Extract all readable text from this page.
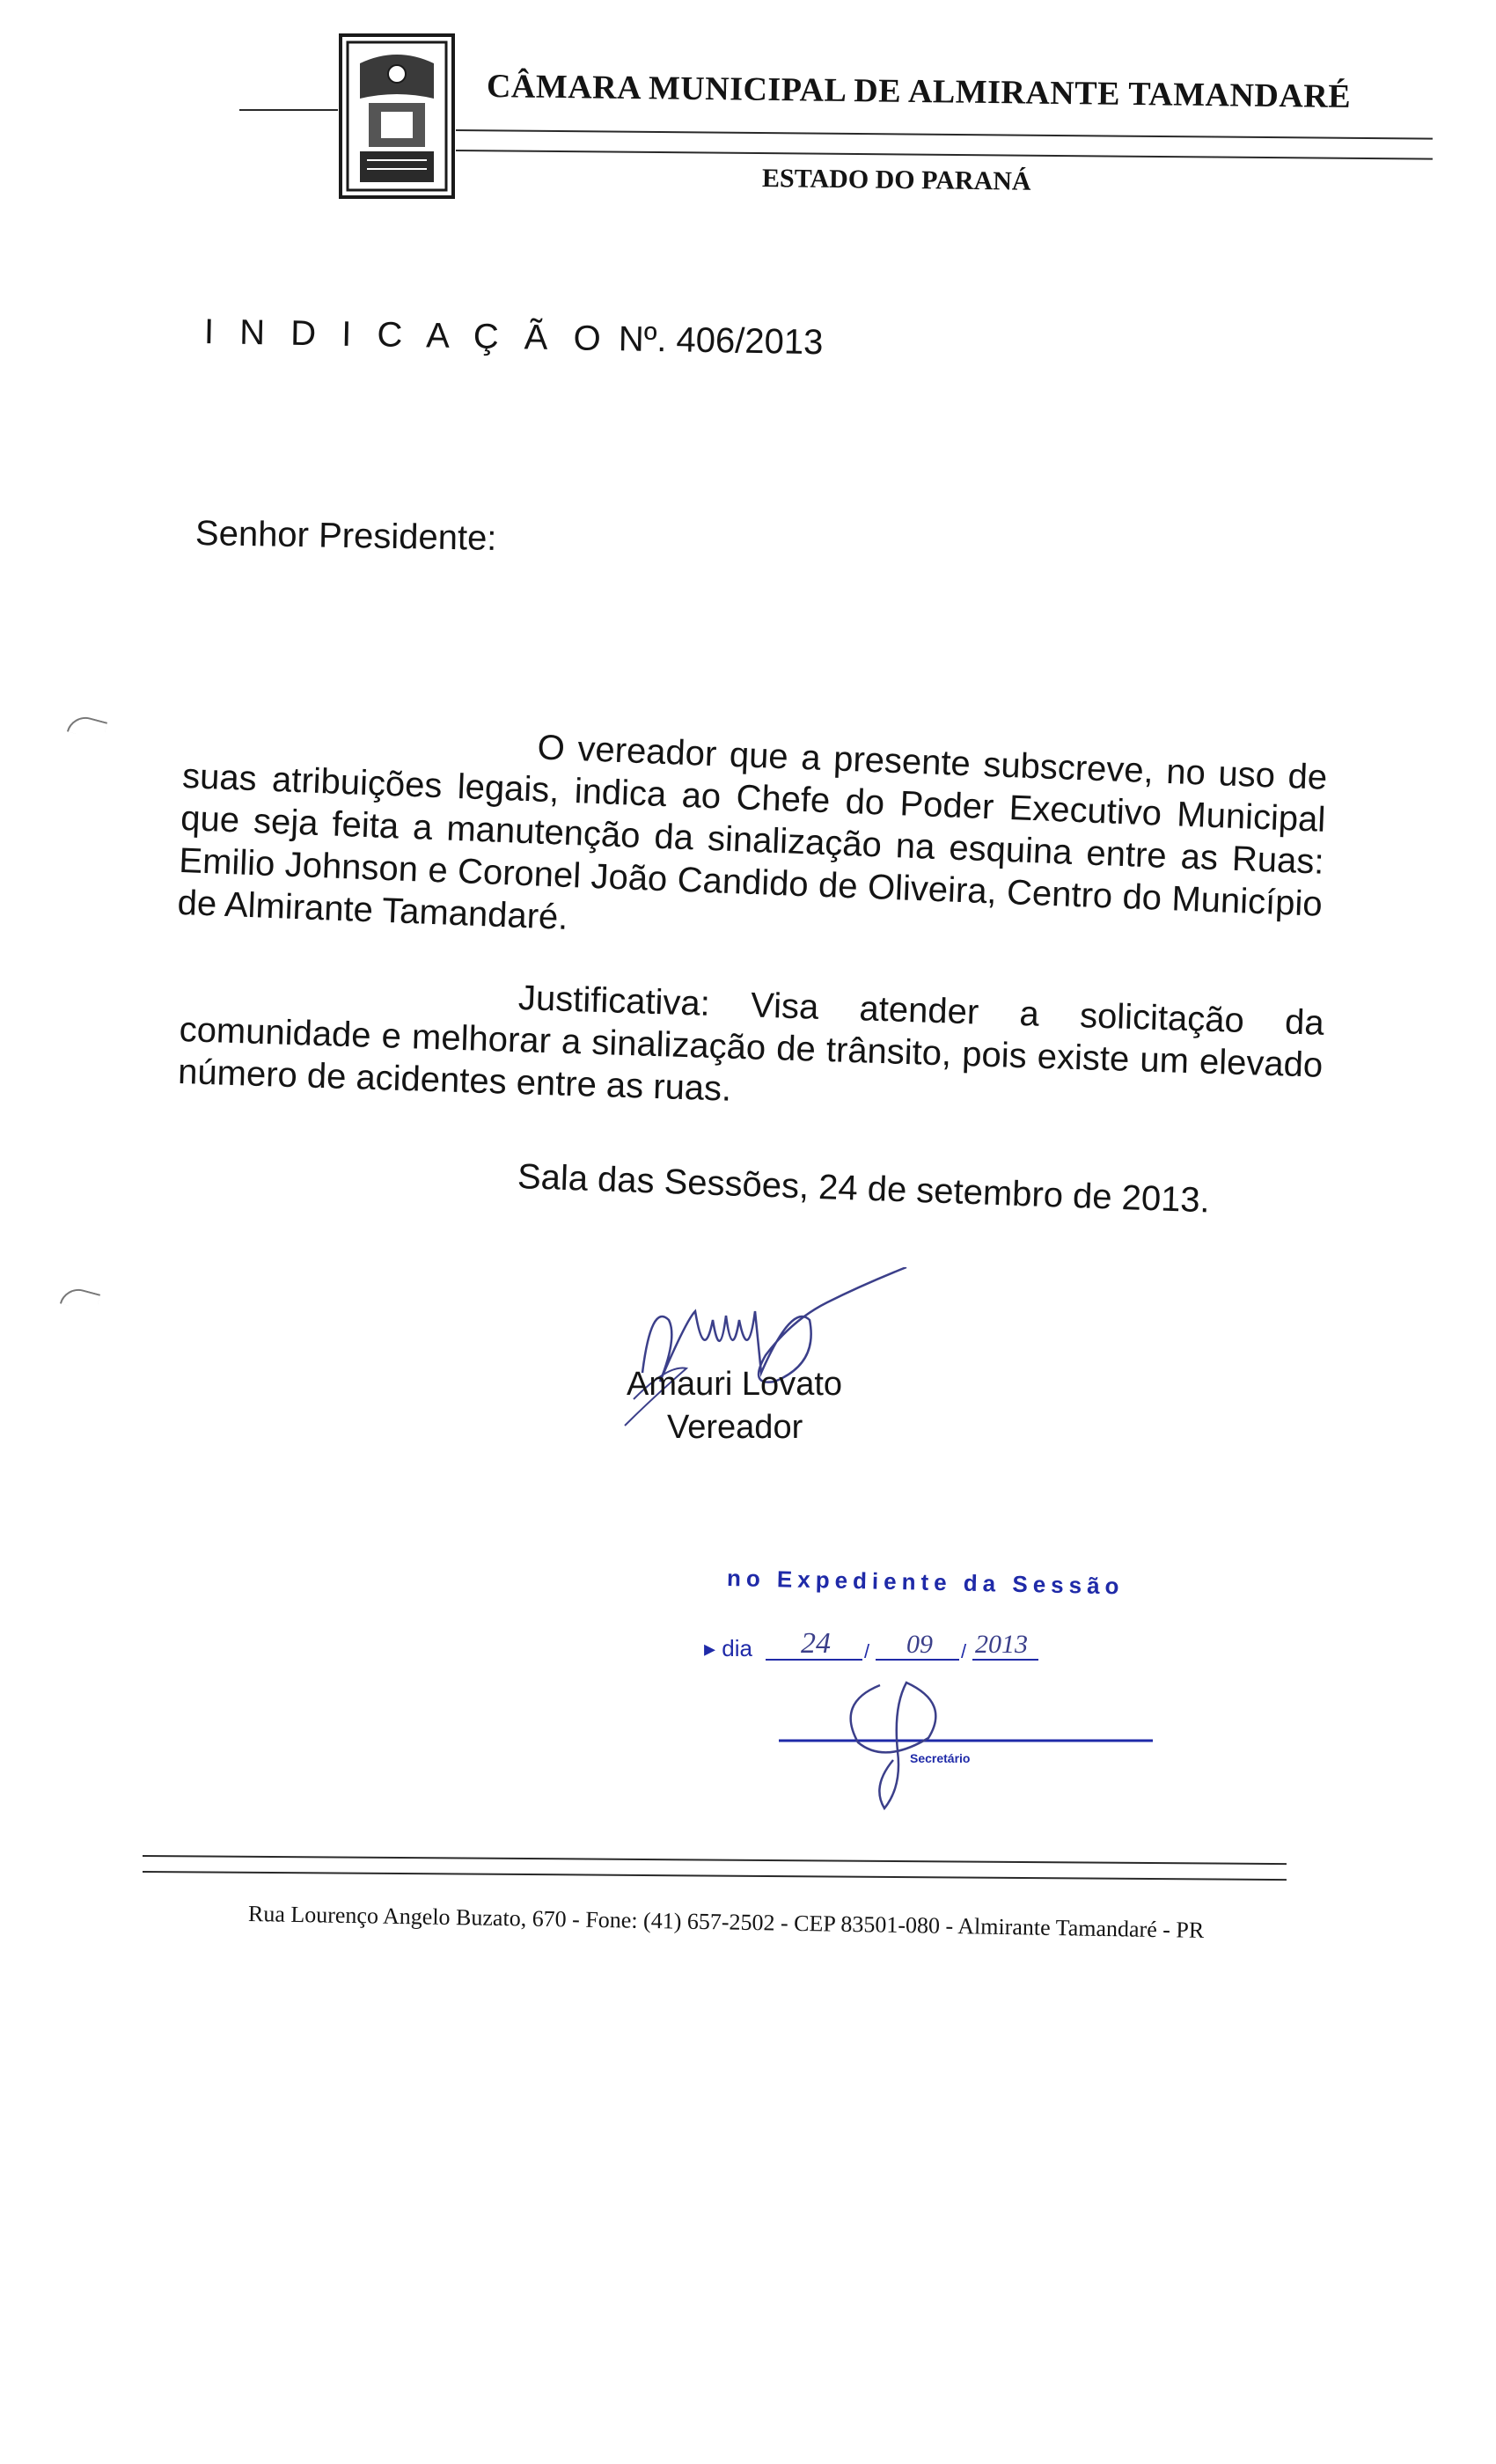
CÂMARA MUNICIPAL DE ALMIRANTE TAMANDARÉ
ESTADO DO PARANÁ
I N D I C A Ç Ã O Nº. 406/2013
Senhor Presidente:
O vereador que a presente subscreve, no uso de suas atribuições legais, indica ao Chefe do Poder Executivo Municipal que seja feita a manutenção da sinalização na esquina entre as Ruas: Emilio Johnson e Coronel João Candido de Oliveira, Centro do Município de Almirante Tamandaré.
Justificativa: Visa atender a solicitação da comunidade e melhorar a sinalização de trânsito, pois existe um elevado número de acidentes entre as ruas.
Sala das Sessões, 24 de setembro de 2013.
Amauri Lovato
Vereador
no Expediente da Sessão
▸ dia 24	09
/	/ 2013
Secretário
Rua Lourenço Angelo Buzato, 670 - Fone: (41) 657-2502 - CEP 83501-080 - Almirante Tamandaré - PR
